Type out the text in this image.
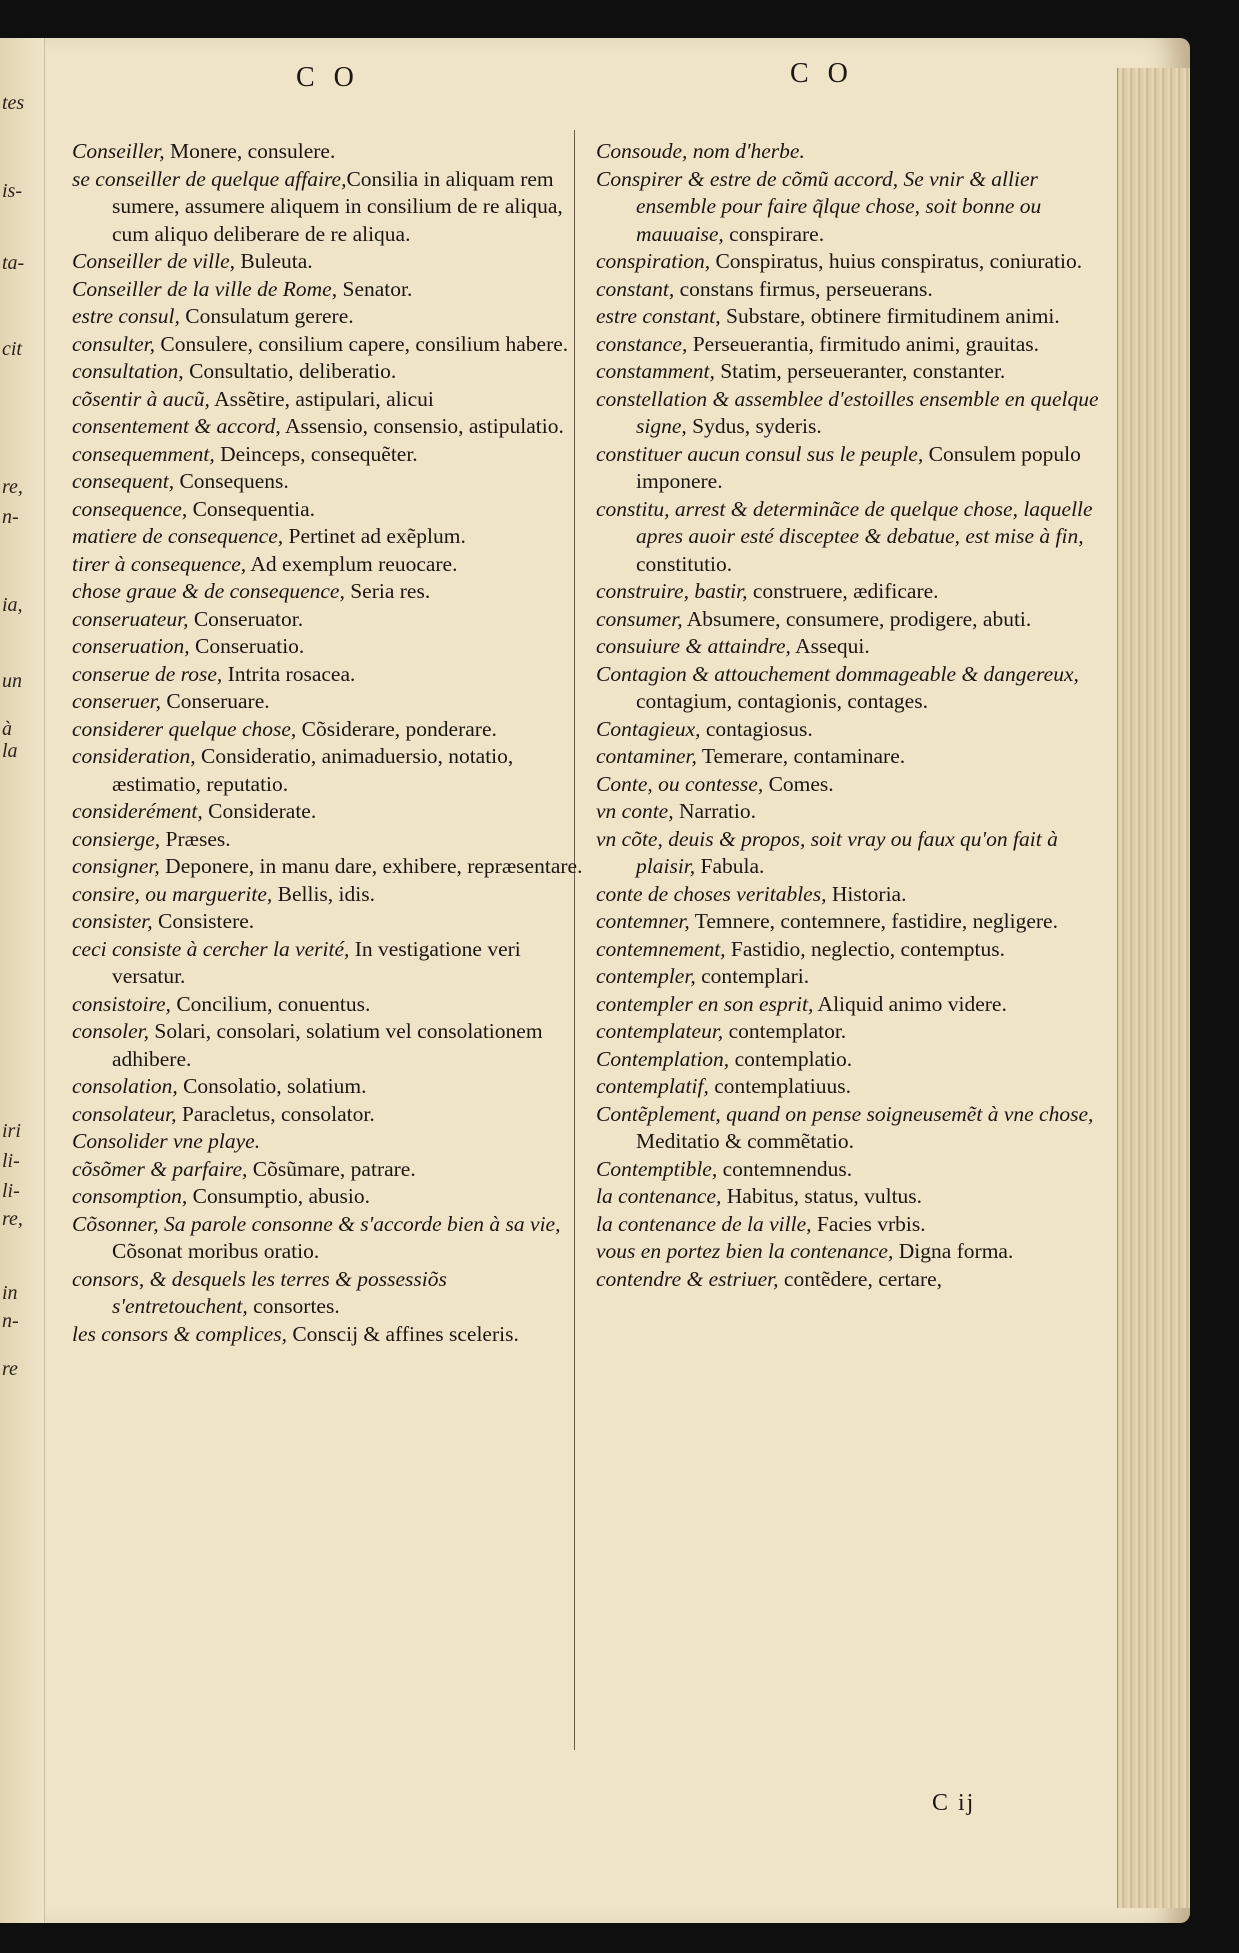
tes
is-
ta-
cit
re,
n-
ia,
un
à
la
iri
li-
li-
re,
in
n-
re
C O	C O

Conseiller, Monere, consulere.

se conseiller de quelque affaire,Consilia in aliquam rem sumere, assumere aliquem in consilium de re aliqua, cum aliquo deliberare de re aliqua.

Conseiller de ville, Buleuta.

Conseiller de la ville de Rome, Senator.

estre consul, Consulatum gerere.

consulter, Consulere, consilium capere, consilium habere.

consultation, Consultatio, deliberatio.

cõsentir à aucũ, Assẽtire, astipulari, alicui

consentement & accord, Assensio, consensio, astipulatio.

consequemment, Deinceps, consequẽter.

consequent, Consequens.

consequence, Consequentia.

matiere de consequence, Pertinet ad exẽplum.

tirer à consequence, Ad exemplum reuocare.

chose graue & de consequence, Seria res.

conseruateur, Conseruator.

conseruation, Conseruatio.

conserue de rose, Intrita rosacea.

conseruer, Conseruare.

considerer quelque chose, Cõsiderare, ponderare.

consideration, Consideratio, animaduersio, notatio, æstimatio, reputatio.

considerément, Considerate.

consierge, Præses.

consigner, Deponere, in manu dare, exhibere, repræsentare.

consire, ou marguerite, Bellis, idis.

consister, Consistere.

ceci consiste à cercher la verité, In vestigatione veri versatur.

consistoire, Concilium, conuentus.

consoler, Solari, consolari, solatium vel consolationem adhibere.

consolation, Consolatio, solatium.

consolateur, Paracletus, consolator.

Consolider vne playe.

cõsõmer & parfaire, Cõsũmare, patrare.

consomption, Consumptio, abusio.

Cõsonner, Sa parole consonne & s'accorde bien à sa vie, Cõsonat moribus oratio.

consors, & desquels les terres & possessiõs s'entretouchent, consortes.

les consors & complices, Conscij & affines sceleris.

Consoude, nom d'herbe.

Conspirer & estre de cõmũ accord, Se vnir & allier ensemble pour faire q̃lque chose, soit bonne ou mauuaise, conspirare.

conspiration, Conspiratus, huius conspiratus, coniuratio.

constant, constans firmus, perseuerans.

estre constant, Substare, obtinere firmitudinem animi.

constance, Perseuerantia, firmitudo animi, grauitas.

constamment, Statim, perseueranter, constanter.

constellation & assemblee d'estoilles ensemble en quelque signe, Sydus, syderis.

constituer aucun consul sus le peuple, Consulem populo imponere.

constitu, arrest & determinãce de quelque chose, laquelle apres auoir esté disceptee & debatue, est mise à fin, constitutio.

construire, bastir, construere, ædificare.

consumer, Absumere, consumere, prodigere, abuti.

consuiure & attaindre, Assequi.

Contagion & attouchement dommageable & dangereux, contagium, contagionis, contages.

Contagieux, contagiosus.

contaminer, Temerare, contaminare.

Conte, ou contesse, Comes.

vn conte, Narratio.

vn cõte, deuis & propos, soit vray ou faux qu'on fait à plaisir, Fabula.

conte de choses veritables, Historia.

contemner, Temnere, contemnere, fastidire, negligere.

contemnement, Fastidio, neglectio, contemptus.

contempler, contemplari.

contempler en son esprit, Aliquid animo videre.

contemplateur, contemplator.

Contemplation, contemplatio.

contemplatif, contemplatiuus.

Contẽplement, quand on pense soigneusemẽt à vne chose, Meditatio & commẽtatio.

Contemptible, contemnendus.

la contenance, Habitus, status, vultus.

la contenance de la ville, Facies vrbis.

vous en portez bien la contenance, Digna forma.

contendre & estriuer, contẽdere, certare,

C ij
